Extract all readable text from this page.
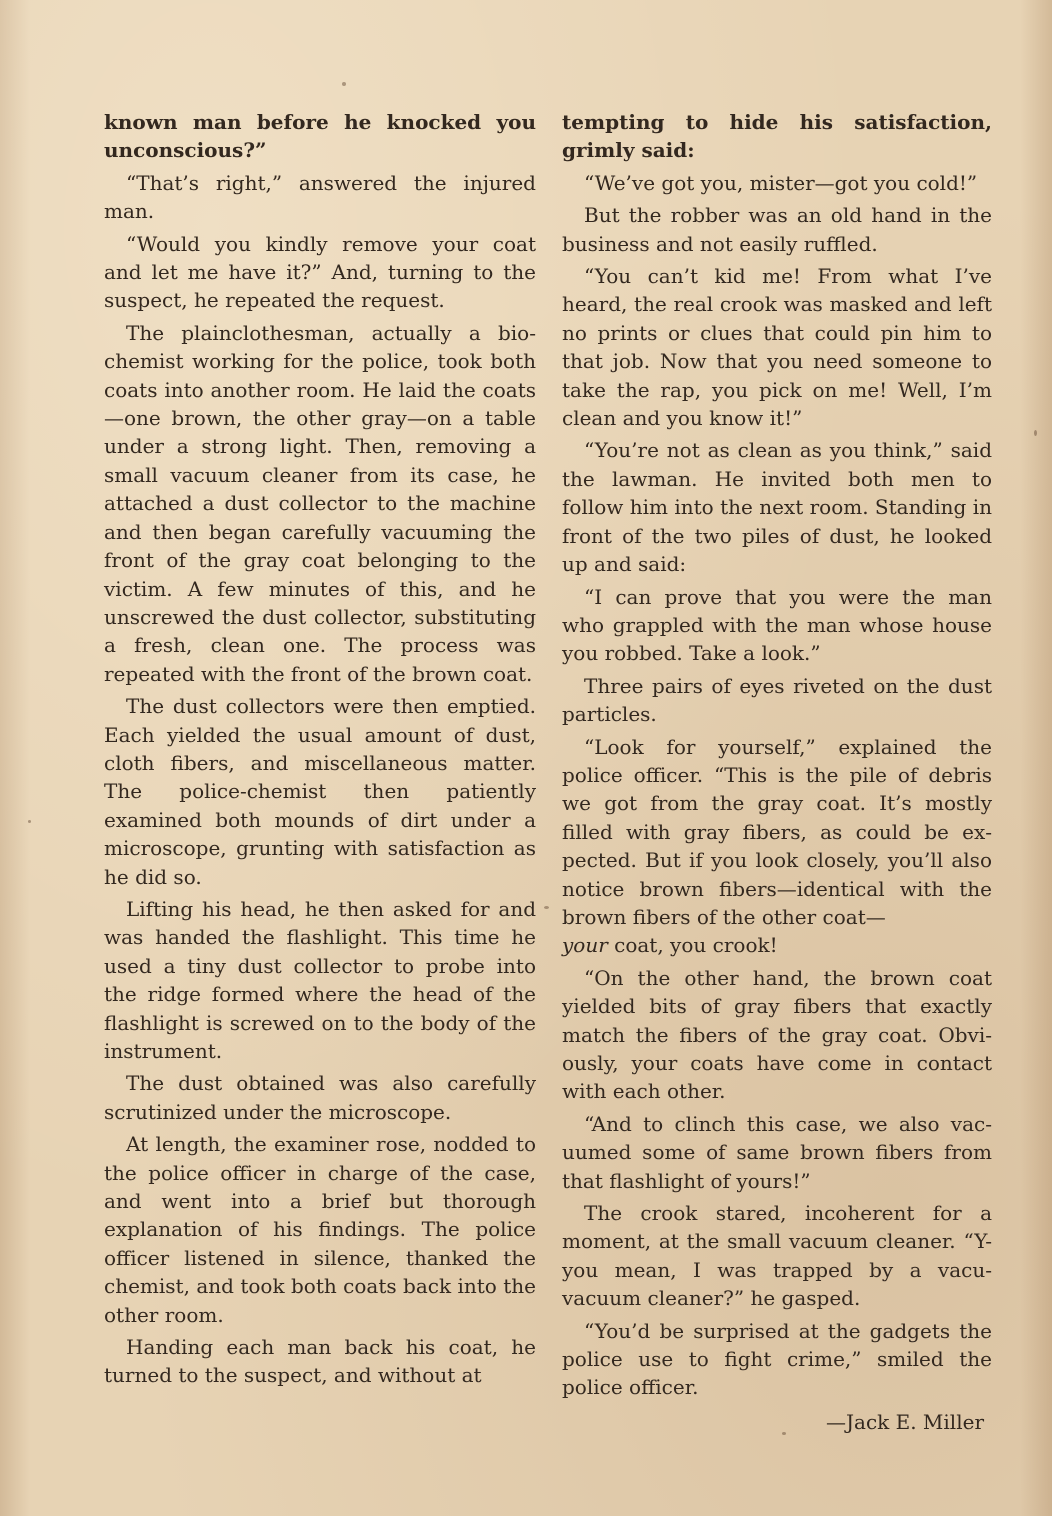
known man before he knocked you unconscious?”

“That’s right,” answered the injured man.

“Would you kindly remove your coat and let me have it?” And, turning to the suspect, he repeated the request.

The plainclothesman, actually a biochemist working for the police, took both coats into another room. He laid the coats—one brown, the other gray—on a table under a strong light. Then, removing a small vacuum cleaner from its case, he attached a dust collector to the machine and then began carefully vacuuming the front of the gray coat belonging to the victim. A few minutes of this, and he unscrewed the dust collector, substituting a fresh, clean one. The process was repeated with the front of the brown coat.

The dust collectors were then emptied. Each yielded the usual amount of dust, cloth fibers, and miscellaneous matter. The police-chemist then patiently examined both mounds of dirt under a microscope, grunting with satisfaction as he did so.

Lifting his head, he then asked for and was handed the flashlight. This time he used a tiny dust collector to probe into the ridge formed where the head of the flashlight is screwed on to the body of the instrument.

The dust obtained was also carefully scrutinized under the microscope.

At length, the examiner rose, nodded to the police officer in charge of the case, and went into a brief but thorough explanation of his findings. The police officer listened in silence, thanked the chemist, and took both coats back into the other room.

Handing each man back his coat, he turned to the suspect, and without at

tempting to hide his satisfaction, grimly said:

“We’ve got you, mister—got you cold!”

But the robber was an old hand in the business and not easily ruffled.

“You can’t kid me! From what I’ve heard, the real crook was masked and left no prints or clues that could pin him to that job. Now that you need someone to take the rap, you pick on me! Well, I’m clean and you know it!”

“You’re not as clean as you think,” said the lawman. He invited both men to follow him into the next room. Standing in front of the two piles of dust, he looked up and said:

“I can prove that you were the man who grappled with the man whose house you robbed. Take a look.”

Three pairs of eyes riveted on the dust particles.

“Look for yourself,” explained the police officer. “This is the pile of debris we got from the gray coat. It’s mostly filled with gray fibers, as could be expected. But if you look closely, you’ll also notice brown fibers—identical with the brown fibers of the other coat—

your coat, you crook!

“On the other hand, the brown coat yielded bits of gray fibers that exactly match the fibers of the gray coat. Obviously, your coats have come in contact with each other.

“And to clinch this case, we also vacuumed some of same brown fibers from that flashlight of yours!”

The crook stared, incoherent for a moment, at the small vacuum cleaner. “Y-you mean, I was trapped by a vacu-vacuum cleaner?” he gasped.

“You’d be surprised at the gadgets the police use to fight crime,” smiled the police officer.

—Jack E. Miller
